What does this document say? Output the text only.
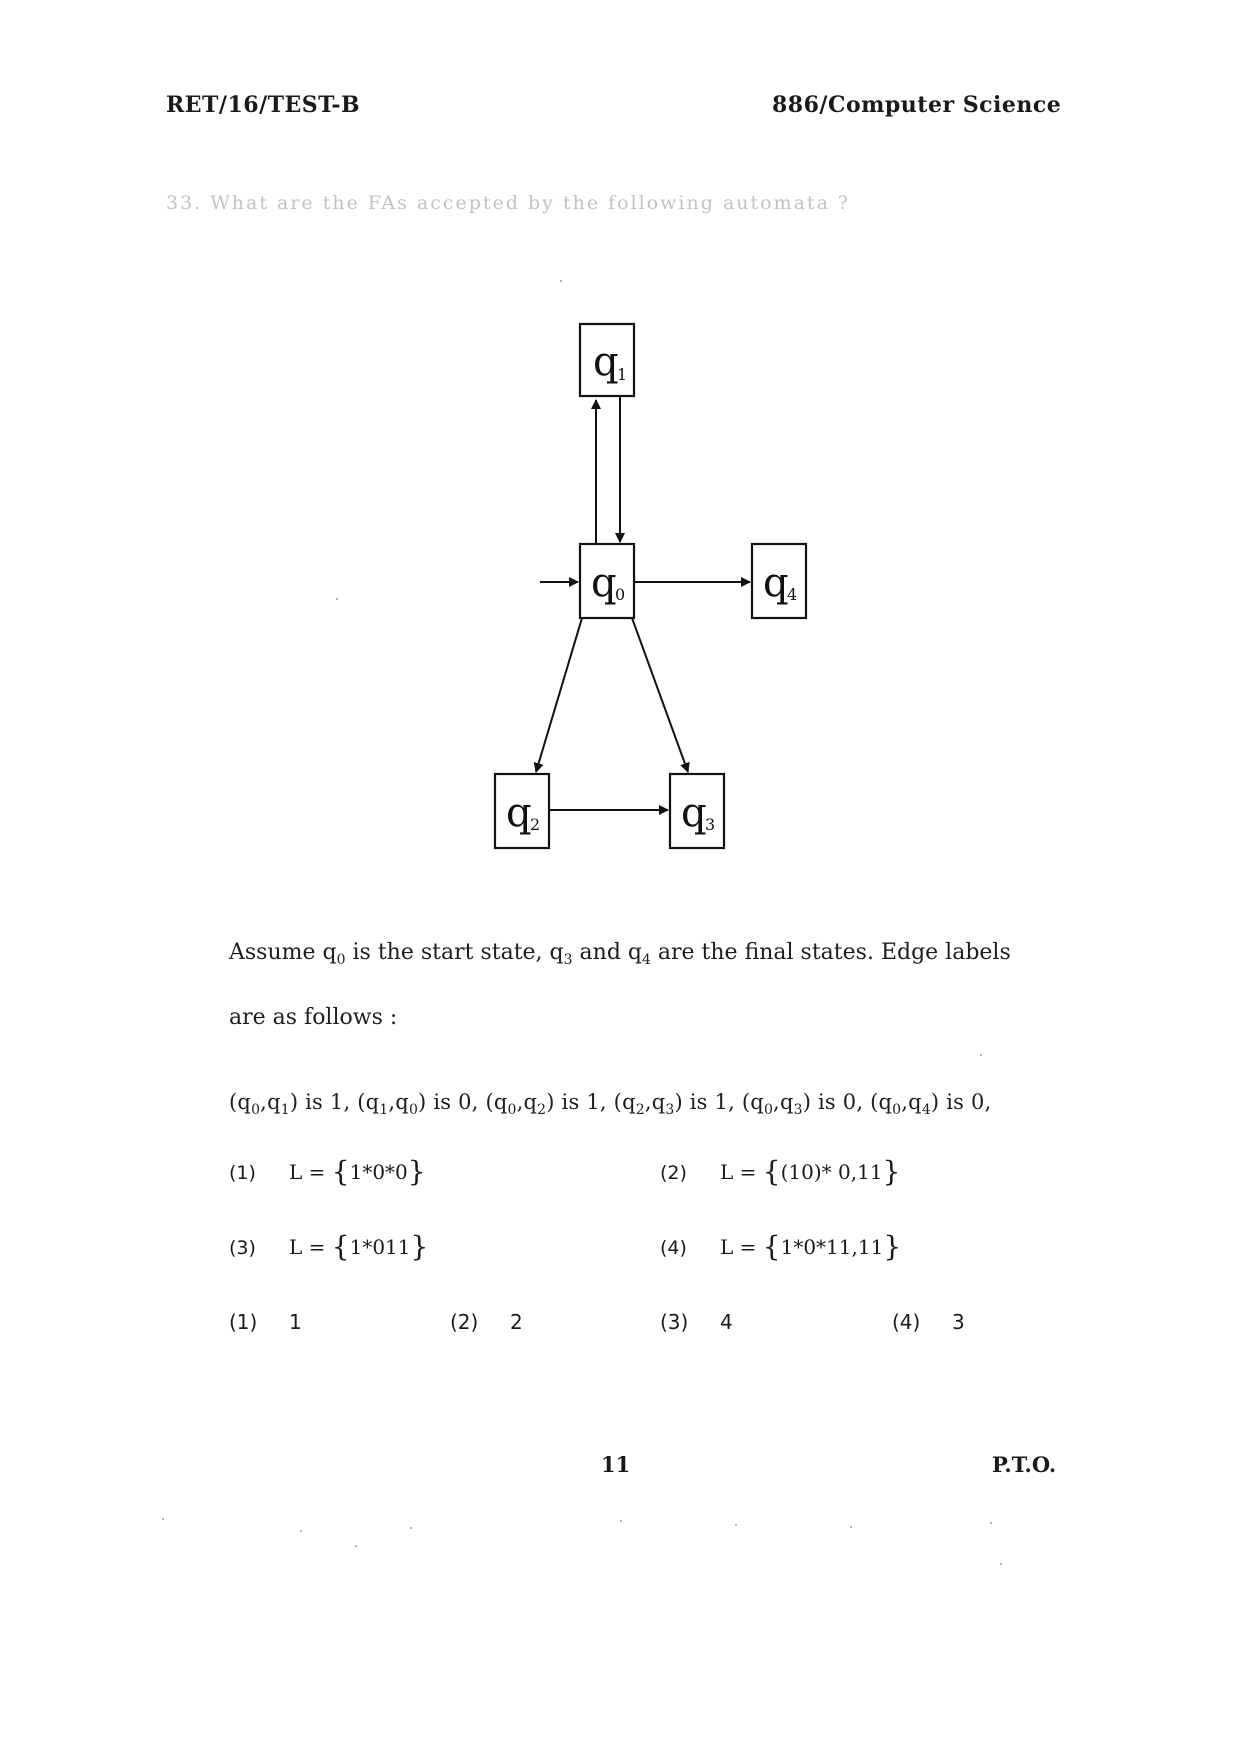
RET/16/TEST-B	886/Computer Science
33. What are the FAs accepted by the following automata ?
q
1
q
0	q
4
q
2	q
3
Assume $q_0$ is the start state, $q_3$ and $q_4$ are the final states. Edge labels
are as follows :
$(q_0,q_1)$ is 1, $(q_1,q_0)$ is 0, $(q_0,q_2)$ is 1, $(q_2,q_3)$ is 1, $(q_0,q_3)$ is 0, $(q_0,q_4)$ is 0,
(1) L = {1*0*0}	(2) L = {(10)* 0,11}
(3) L = {1*011}	(4) L = {1*0*11,11}
(1) 1	(2) 2	(3) 4	(4) 3
11	P.T.O.
